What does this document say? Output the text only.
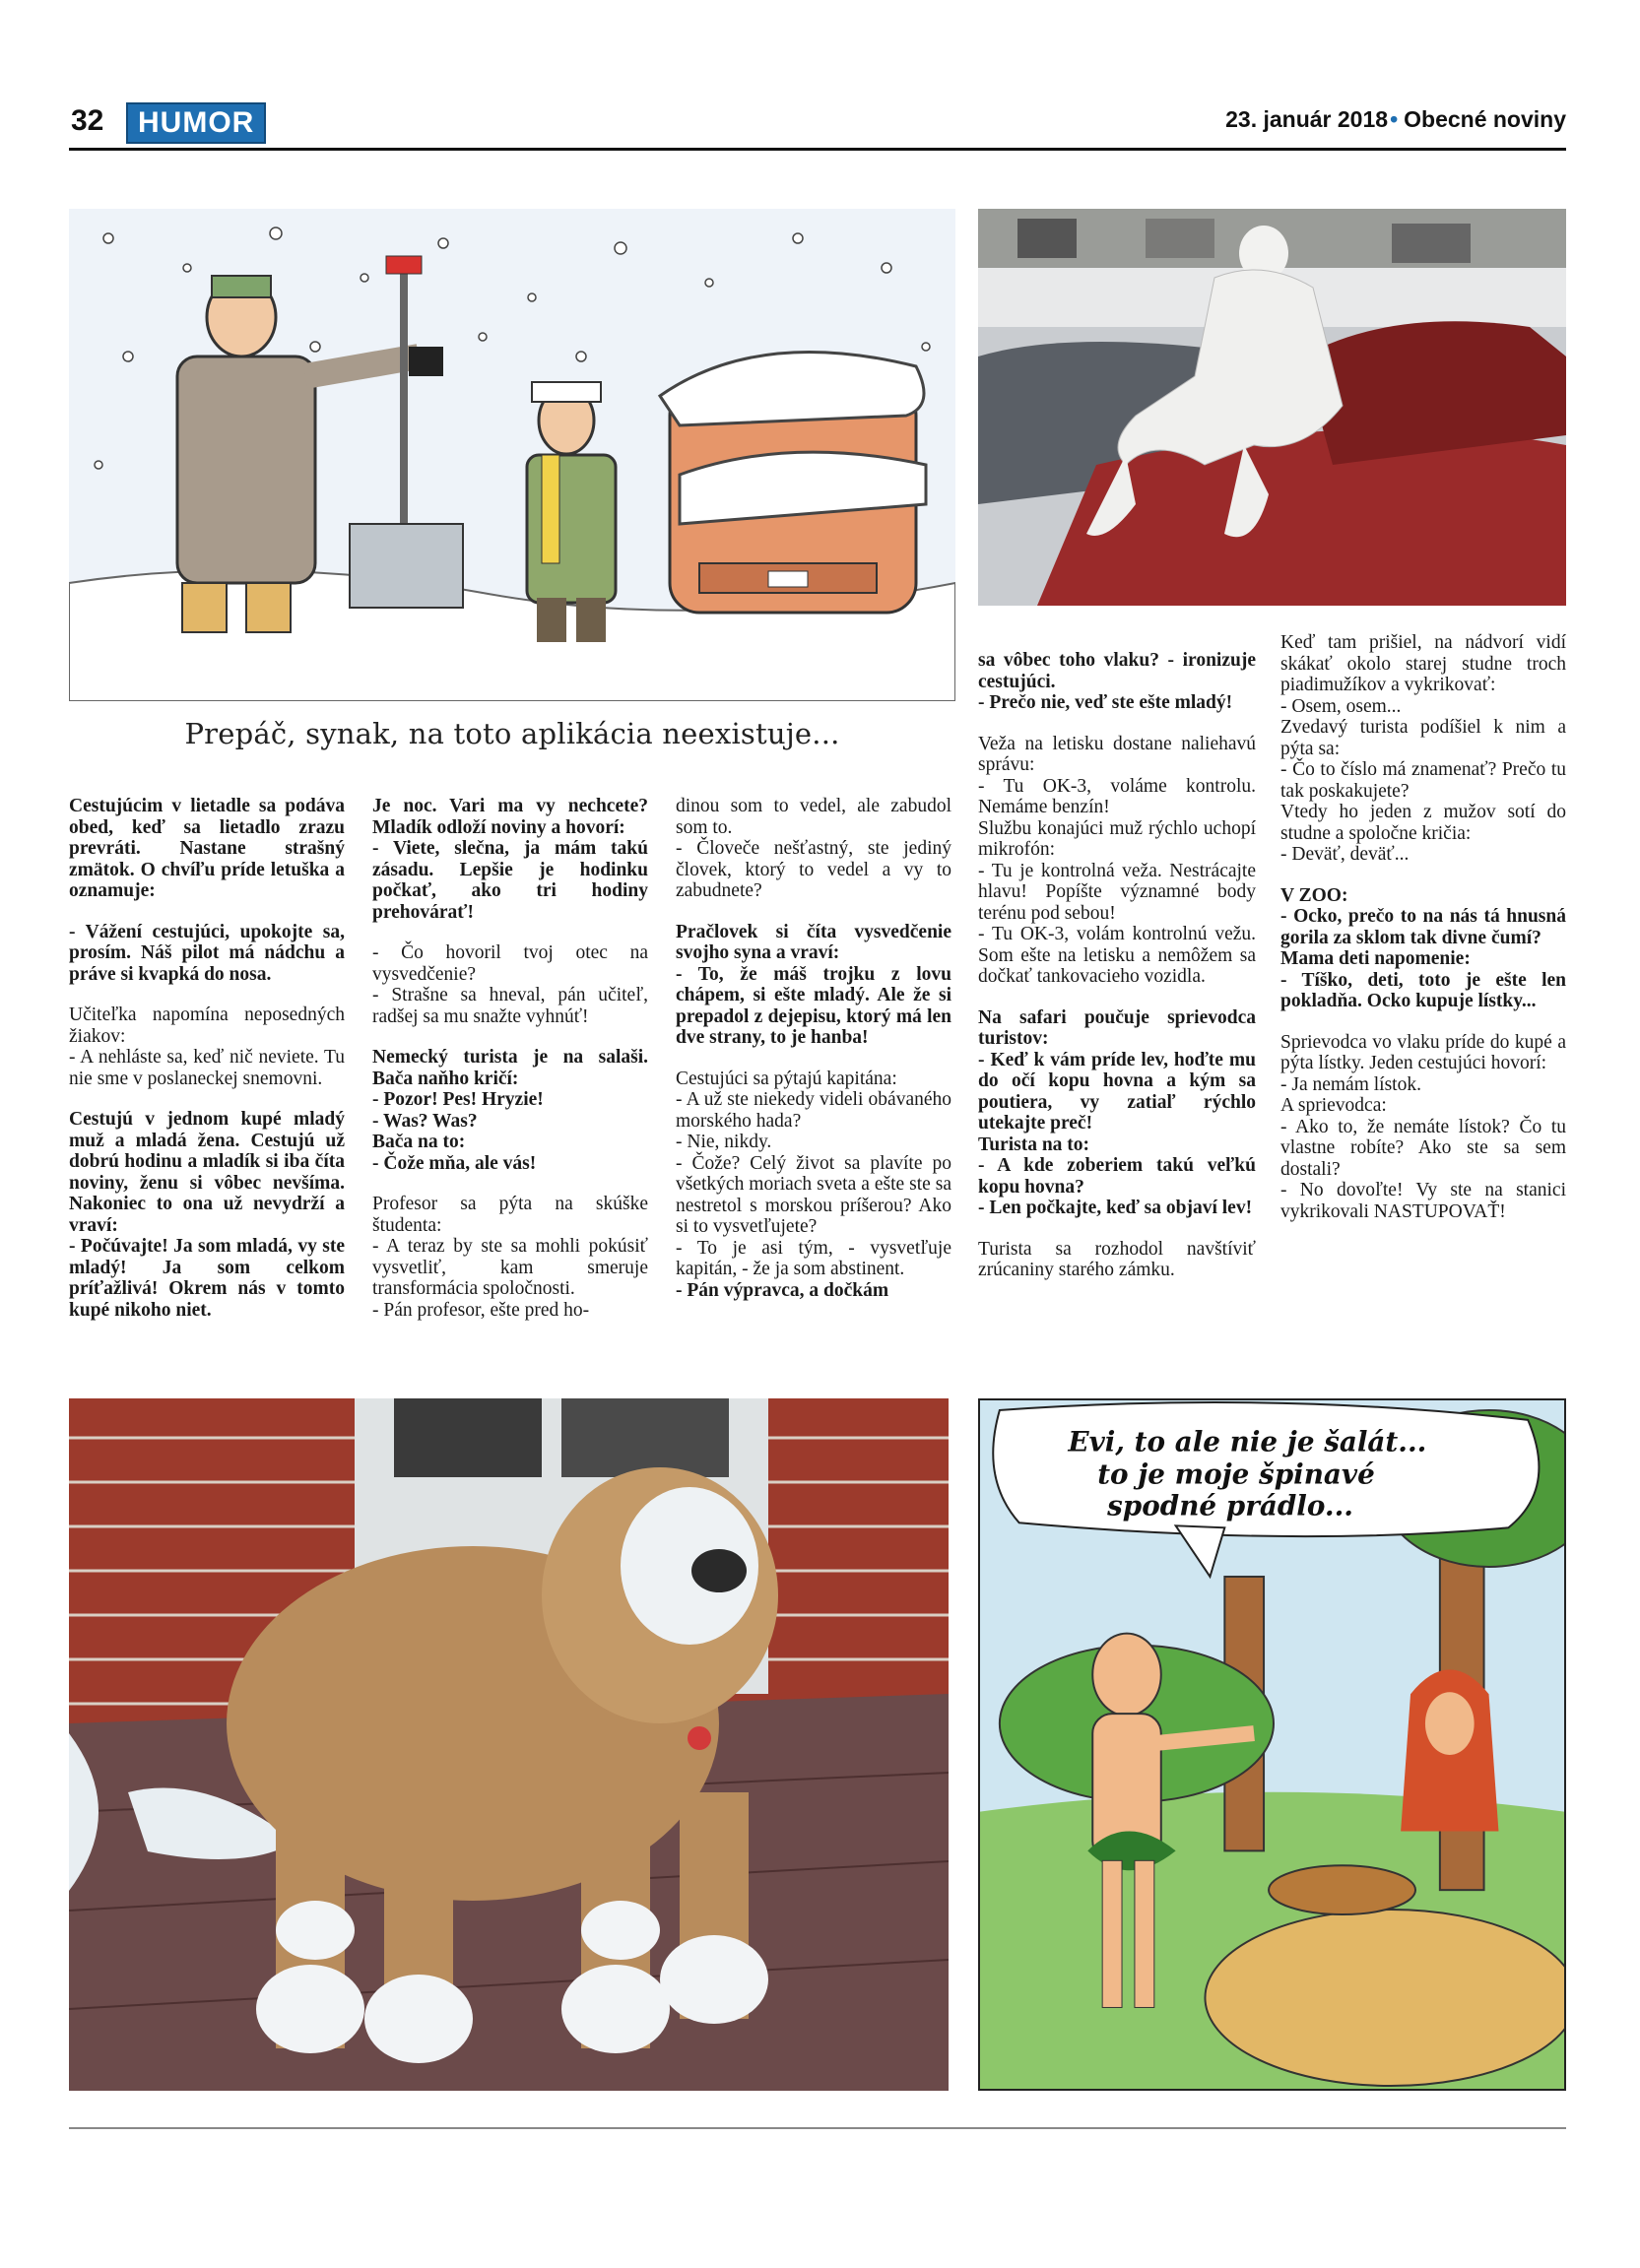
32	HUMOR	23. január 2018• Obecné noviny
Prepáč, synak, na toto aplikácia neexistuje...

Cestujúcim v lietadle sa podáva obed, keď sa lietadlo zrazu prevráti. Nastane strašný zmätok. O chvíľu príde letuška a oznamuje:

- Vážení cestujúci, upokojte sa, prosím. Náš pilot má nádchu a práve si kvapká do nosa.

Učiteľka napomína neposedných žiakov:

- A nehláste sa, keď nič neviete. Tu nie sme v poslaneckej snemovni.

Cestujú v jednom kupé mladý muž a mladá žena. Cestujú už dobrú hodinu a mladík si iba číta noviny, ženu si vôbec nevšíma. Nakoniec to ona už nevydrží a vraví:

- Počúvajte! Ja som mladá, vy ste mladý! Ja som celkom príťažlivá! Okrem nás v tomto kupé nikoho niet.

Je noc. Vari ma vy nechcete? Mladík odloží noviny a hovorí:

- Viete, slečna, ja mám takú zásadu. Lepšie je hodinku počkať, ako tri hodiny prehovárať!

- Čo hovoril tvoj otec na vysvedčenie?

- Strašne sa hneval, pán učiteľ, radšej sa mu snažte vyhnúť!

Nemecký turista je na salaši. Bača naňho kričí:

- Pozor! Pes! Hryzie!

- Was? Was?

Bača na to:

- Čože mňa, ale vás!

Profesor sa pýta na skúške študenta:

- A teraz by ste sa mohli pokúsiť vysvetliť, kam smeruje transformácia spoločnosti.

- Pán profesor, ešte pred ho-

dinou som to vedel, ale zabudol som to.

- Človeče nešťastný, ste jediný človek, ktorý to vedel a vy to zabudnete?

Pračlovek si číta vysvedčenie svojho syna a vraví:

- To, že máš trojku z lovu chápem, si ešte mladý. Ale že si prepadol z dejepisu, ktorý má len dve strany, to je hanba!

Cestujúci sa pýtajú kapitána:

- A už ste niekedy videli obávaného morského hada?

- Nie, nikdy.

- Čože? Celý život sa plavíte po všetkých moriach sveta a ešte ste sa nestretol s morskou príšerou? Ako si to vysvetľujete?

- To je asi tým, - vysvetľuje kapitán, - že ja som abstinent.

- Pán výpravca, a dočkám

sa vôbec toho vlaku? - ironizuje cestujúci.

- Prečo nie, veď ste ešte mladý!

Veža na letisku dostane naliehavú správu:

- Tu OK-3, voláme kontrolu. Nemáme benzín!

Službu konajúci muž rýchlo uchopí mikrofón:

- Tu je kontrolná veža. Nestrácajte hlavu! Popíšte významné body terénu pod sebou!

- Tu OK-3, volám kontrolnú vežu. Som ešte na letisku a nemôžem sa dočkať tankovacieho vozidla.

Na safari poučuje sprievodca turistov:

- Keď k vám príde lev, hoďte mu do očí kopu hovna a kým sa poutiera, vy zatiaľ rýchlo utekajte preč!

Turista na to:

- A kde zoberiem takú veľkú kopu hovna?

- Len počkajte, keď sa objaví lev!

Turista sa rozhodol navštíviť zrúcaniny starého zámku.

Keď tam prišiel, na nádvorí vidí skákať okolo starej studne troch piadimužíkov a vykrikovať:

- Osem, osem...

Zvedavý turista podíšiel k nim a pýta sa:

- Čo to číslo má znamenať? Prečo tu tak poskakujete?

Vtedy ho jeden z mužov sotí do studne a spoločne kričia:

- Deväť, deväť...

V ZOO:

- Ocko, prečo to na nás tá hnusná gorila za sklom tak divne čumí?

Mama deti napomenie:

- Tíško, deti, toto je ešte len pokladňa. Ocko kupuje lístky...

Sprievodca vo vlaku príde do kupé a pýta lístky. Jeden cestujúci hovorí:

- Ja nemám lístok.

A sprievodca:

- Ako to, že nemáte lístok? Čo tu vlastne robíte? Ako ste sa sem dostali?

- No dovoľte! Vy ste na stanici vykrikovali NASTUPOVAŤ!

Evi, to ale nie je šalát...
to je moje špinavé
spodné prádlo...
